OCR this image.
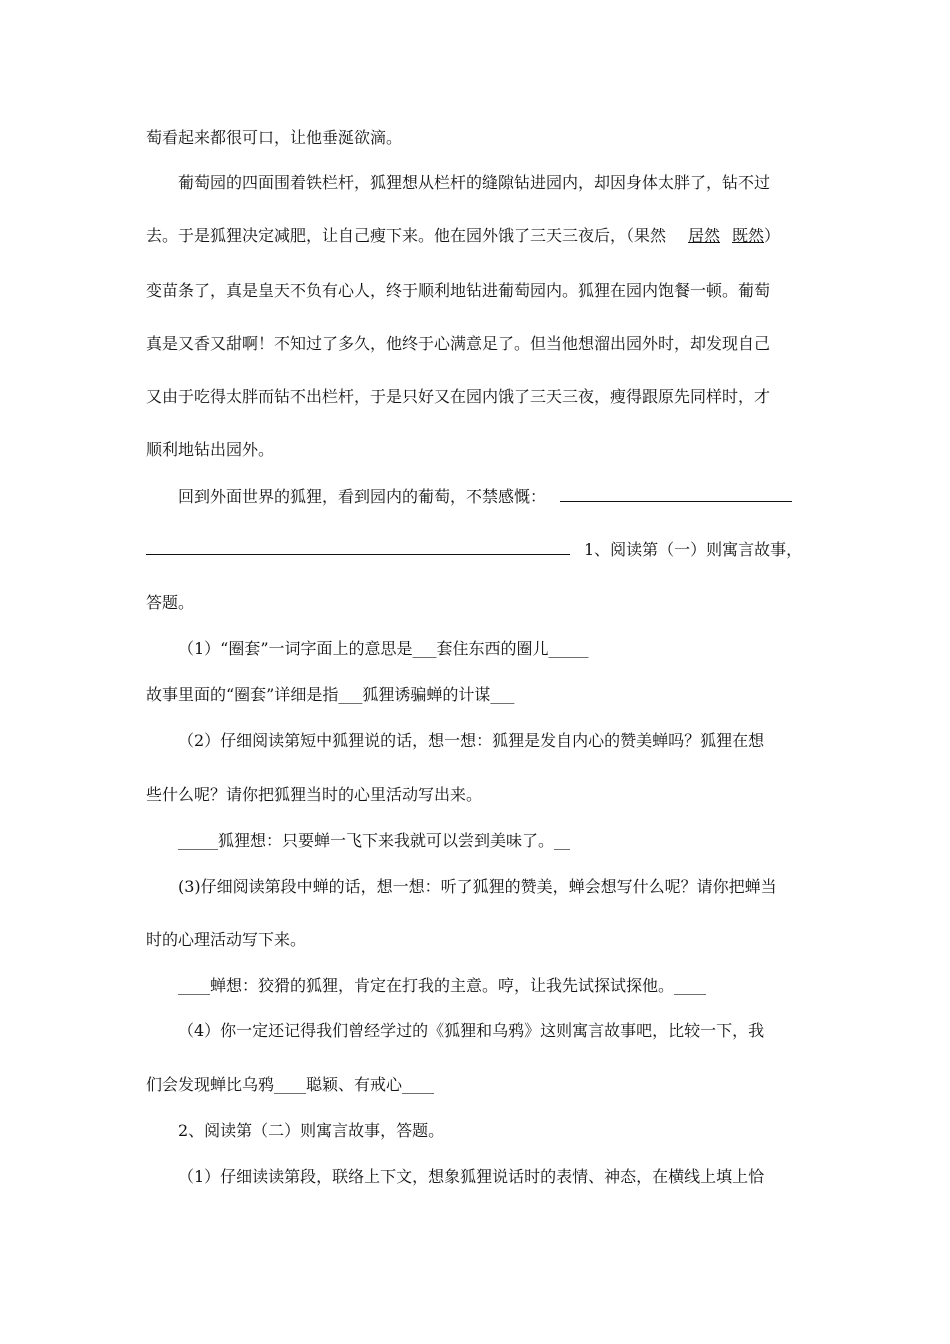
萄看起来都很可口，让他垂涎欲滴。
葡萄园的四面围着铁栏杆，狐狸想从栏杆的缝隙钻进园内，却因身体太胖了，钻不过
去。于是狐狸决定减肥，让自己瘦下来。他在园外饿了三天三夜后，（果然 居然 既然）
变苗条了，真是皇天不负有心人，终于顺利地钻进葡萄园内。狐狸在园内饱餐一顿。葡萄
真是又香又甜啊！不知过了多久，他终于心满意足了。但当他想溜出园外时，却发现自己
又由于吃得太胖而钻不出栏杆，于是只好又在园内饿了三天三夜，瘦得跟原先同样时，才
顺利地钻出园外。
回到外面世界的狐狸，看到园内的葡萄，不禁感慨：
1、阅读第（一）则寓言故事，
答题。
（1）“圈套”一词字面上的意思是___套住东西的圈儿_____
故事里面的“圈套”详细是指___狐狸诱骗蝉的计谋___
（2）仔细阅读第短中狐狸说的话，想一想：狐狸是发自内心的赞美蝉吗？狐狸在想
些什么呢？请你把狐狸当时的心里活动写出来。
_____狐狸想：只要蝉一飞下来我就可以尝到美味了。__
(3)仔细阅读第段中蝉的话，想一想：听了狐狸的赞美，蝉会想写什么呢？请你把蝉当
时的心理活动写下来。
____蝉想：狡猾的狐狸，肯定在打我的主意。哼，让我先试探试探他。____
（4）你一定还记得我们曾经学过的《狐狸和乌鸦》这则寓言故事吧，比较一下，我
们会发现蝉比乌鸦____聪颖、有戒心____
2、阅读第（二）则寓言故事，答题。
（1）仔细读读第段，联络上下文，想象狐狸说话时的表情、神态，在横线上填上恰
